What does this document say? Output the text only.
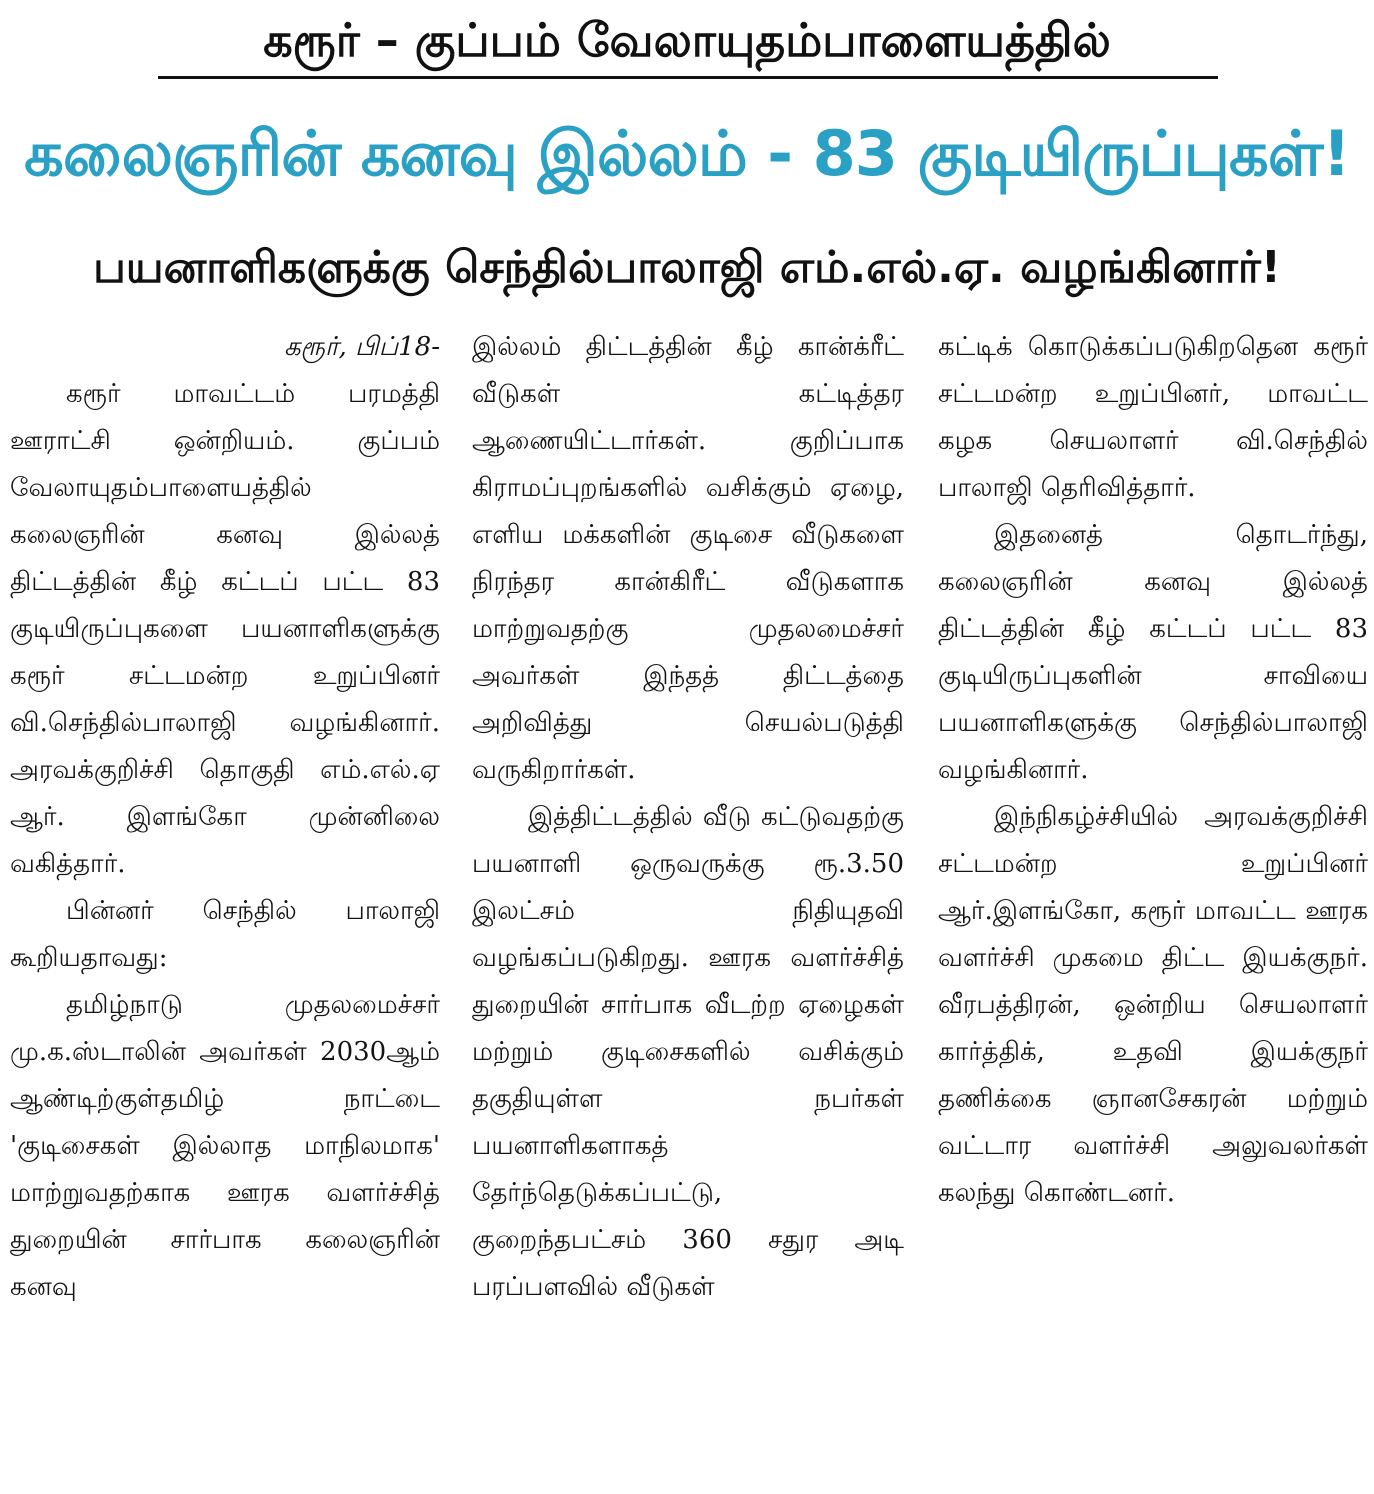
கரூர் – குப்பம் வேலாயுதம்பாளையத்தில்
கலைஞரின் கனவு இல்லம் - 83 குடியிருப்புகள்!
பயனாளிகளுக்கு செந்தில்பாலாஜி எம்.எல்.ஏ. வழங்கினார்!

கரூர், பிப்18-

கரூர் மாவட்டம் பரமத்தி ஊராட்சி ஒன்றியம். குப்பம் வேலாயுதம்பாளையத்தில் கலைஞரின் கனவு இல்லத் திட்டத்தின் கீழ் கட்டப் பட்ட 83 குடியிருப்புகளை பயனாளிகளுக்கு கரூர் சட்டமன்ற உறுப்பினர் வி.செந்தில்பாலாஜி வழங்கினார். அரவக்குறிச்சி தொகுதி எம்.எல்.ஏ ஆர். இளங்கோ முன்னிலை வகித்தார்.

பின்னர் செந்தில் பாலாஜி கூறியதாவது:

தமிழ்நாடு முதலமைச்சர் மு.க.ஸ்டாலின் அவர்கள் 2030ஆம் ஆண்டிற்குள்தமிழ் நாட்டை 'குடிசைகள் இல்லாத மாநிலமாக' மாற்றுவதற்காக ஊரக வளர்ச்சித் துறையின் சார்பாக கலைஞரின் கனவு

இல்லம் திட்டத்தின் கீழ் கான்க்ரீட் வீடுகள் கட்டித்தர ஆணையிட்டார்கள். குறிப்பாக கிராமப்புறங்களில் வசிக்கும் ஏழை, எளிய மக்களின் குடிசை வீடுகளை நிரந்தர கான்கிரீட் வீடுகளாக மாற்றுவதற்கு முதலமைச்சர் அவர்கள் இந்தத் திட்டத்தை அறிவித்து செயல்படுத்தி வருகிறார்கள்.

இத்திட்டத்தில் வீடு கட்டுவதற்கு பயனாளி ஒருவருக்கு ரூ.3.50 இலட்சம் நிதியுதவி வழங்கப்படுகிறது. ஊரக வளர்ச்சித் துறையின் சார்பாக வீடற்ற ஏழைகள் மற்றும் குடிசைகளில் வசிக்கும் தகுதியுள்ள நபர்கள் பயனாளிகளாகத் தேர்ந்தெடுக்கப்பட்டு, குறைந்தபட்சம் 360 சதுர அடி பரப்பளவில் வீடுகள்

கட்டிக் கொடுக்கப்படுகிறதென கரூர் சட்டமன்ற உறுப்பினர், மாவட்ட கழக செயலாளர் வி.செந்தில் பாலாஜி தெரிவித்தார்.

இதனைத் தொடர்ந்து, கலைஞரின் கனவு இல்லத் திட்டத்தின் கீழ் கட்டப் பட்ட 83 குடியிருப்புகளின் சாவியை பயனாளிகளுக்கு செந்தில்பாலாஜி வழங்கினார்.

இந்நிகழ்ச்சியில் அரவக்குறிச்சி சட்டமன்ற உறுப்பினர் ஆர்.இளங்கோ, கரூர் மாவட்ட ஊரக வளர்ச்சி முகமை திட்ட இயக்குநர். வீரபத்திரன், ஒன்றிய செயலாளர் கார்த்திக், உதவி இயக்குநர் தணிக்கை ஞானசேகரன் மற்றும் வட்டார வளர்ச்சி அலுவலர்கள் கலந்து கொண்டனர்.
